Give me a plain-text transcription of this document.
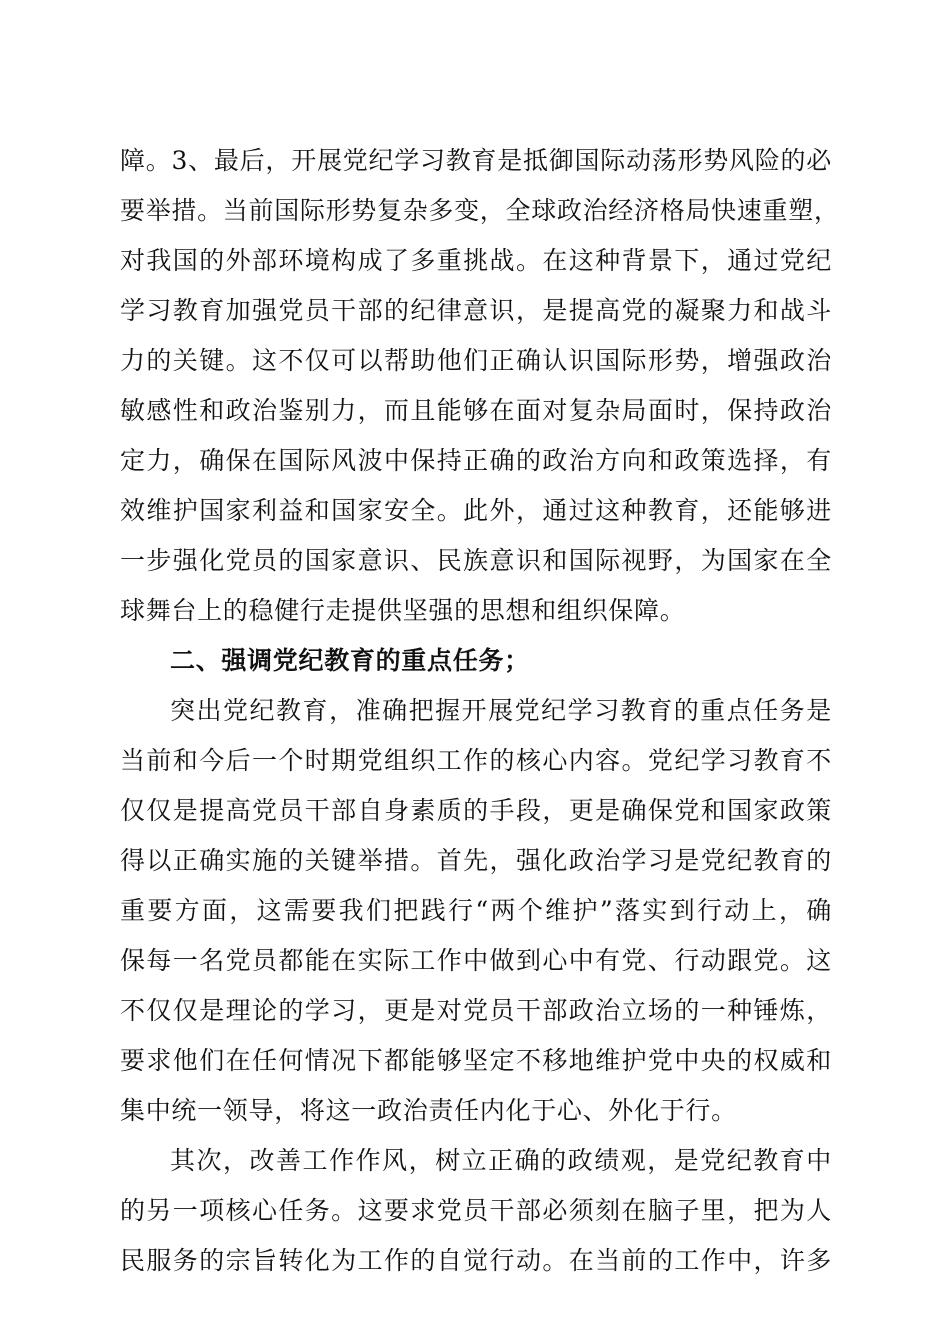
障。3、最后，开展党纪学习教育是抵御国际动荡形势风险的必
要举措。当前国际形势复杂多变，全球政治经济格局快速重塑，
对我国的外部环境构成了多重挑战。在这种背景下，通过党纪
学习教育加强党员干部的纪律意识，是提高党的凝聚力和战斗
力的关键。这不仅可以帮助他们正确认识国际形势，增强政治
敏感性和政治鉴别力，而且能够在面对复杂局面时，保持政治
定力，确保在国际风波中保持正确的政治方向和政策选择，有
效维护国家利益和国家安全。此外，通过这种教育，还能够进
一步强化党员的国家意识、民族意识和国际视野，为国家在全
球舞台上的稳健行走提供坚强的思想和组织保障。
二、强调党纪教育的重点任务；
突出党纪教育，准确把握开展党纪学习教育的重点任务是
当前和今后一个时期党组织工作的核心内容。党纪学习教育不
仅仅是提高党员干部自身素质的手段，更是确保党和国家政策
得以正确实施的关键举措。首先，强化政治学习是党纪教育的
重要方面，这需要我们把践行“两个维护”落实到行动上，确
保每一名党员都能在实际工作中做到心中有党、行动跟党。这
不仅仅是理论的学习，更是对党员干部政治立场的一种锤炼，
要求他们在任何情况下都能够坚定不移地维护党中央的权威和
集中统一领导，将这一政治责任内化于心、外化于行。
其次，改善工作作风，树立正确的政绩观，是党纪教育中
的另一项核心任务。这要求党员干部必须刻在脑子里，把为人
民服务的宗旨转化为工作的自觉行动。在当前的工作中，许多
